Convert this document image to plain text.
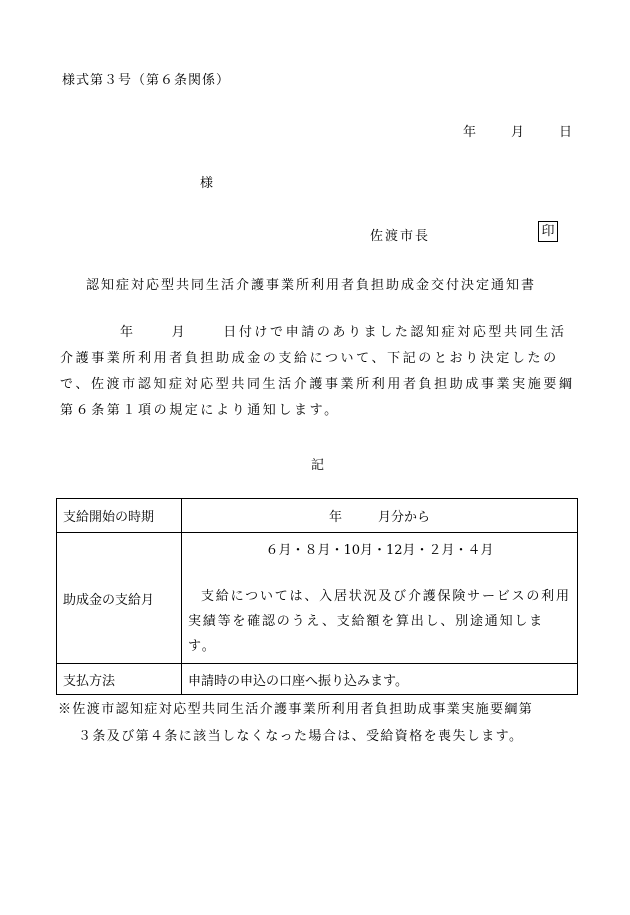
様式第３号（第６条関係）
年	月	日
様
佐渡市長	印
認知症対応型共同生活介護事業所利用者負担助成金交付決定通知書
年	月	日付けで申請のありました認知症対応型共同生活介護事業所利用者負担助成金の支給について、下記のとおり決定したので、佐渡市認知症対応型共同生活介護事業所利用者負担助成事業実施要綱第６条第１項の規定により通知します。
記
支給開始の時期	年 月分から
助成金の支給月	６月・８月・10月・12月・２月・４月
支給については、入居状況及び介護保険サービスの利用実績等を確認のうえ、支給額を算出し、別途通知します。

支払方法	申請時の申込の口座へ振り込みます。
※佐渡市認知症対応型共同生活介護事業所利用者負担助成事業実施要綱第
３条及び第４条に該当しなくなった場合は、受給資格を喪失します。
